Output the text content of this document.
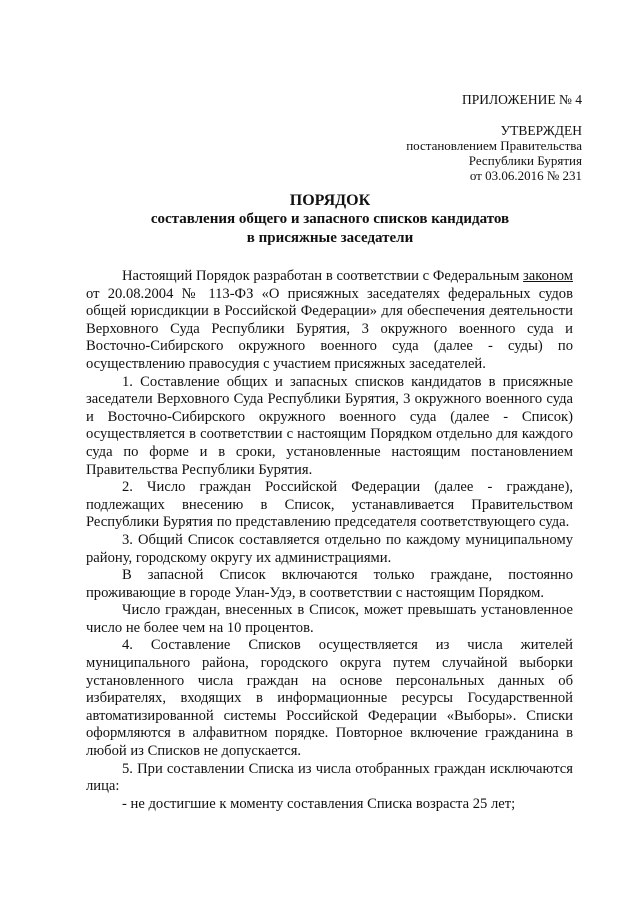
ПРИЛОЖЕНИЕ № 4
УТВЕРЖДЕН
постановлением Правительства
Республики Бурятия
от 03.06.2016 № 231
ПОРЯДОК
составления общего и запасного списков кандидатов
в присяжные заседатели

Настоящий Порядок разработан в соответствии с Федеральным законом от 20.08.2004 № 113-ФЗ «О присяжных заседателях федеральных судов общей юрисдикции в Российской Федерации» для обеспечения деятельности Верховного Суда Республики Бурятия, 3 окружного военного суда и Восточно-Сибирского окружного военного суда (далее - суды) по осуществлению правосудия с участием присяжных заседателей.

1. Составление общих и запасных списков кандидатов в присяжные заседатели Верховного Суда Республики Бурятия, 3 окружного военного суда и Восточно-Сибирского окружного военного суда (далее - Список) осуществляется в соответствии с настоящим Порядком отдельно для каждого суда по форме и в сроки, установленные настоящим постановлением Правительства Республики Бурятия.

2. Число граждан Российской Федерации (далее - граждане), подлежащих внесению в Список, устанавливается Правительством Республики Бурятия по представлению председателя соответствующего суда.

3. Общий Список составляется отдельно по каждому муниципальному району, городскому округу их администрациями.

В запасной Список включаются только граждане, постоянно проживающие в городе Улан-Удэ, в соответствии с настоящим Порядком.

Число граждан, внесенных в Список, может превышать установленное число не более чем на 10 процентов.

4. Составление Списков осуществляется из числа жителей муниципального района, городского округа путем случайной выборки установленного числа граждан на основе персональных данных об избирателях, входящих в информационные ресурсы Государственной автоматизированной системы Российской Федерации «Выборы». Списки оформляются в алфавитном порядке. Повторное включение гражданина в любой из Списков не допускается.

5. При составлении Списка из числа отобранных граждан исключаются лица:

- не достигшие к моменту составления Списка возраста 25 лет;
